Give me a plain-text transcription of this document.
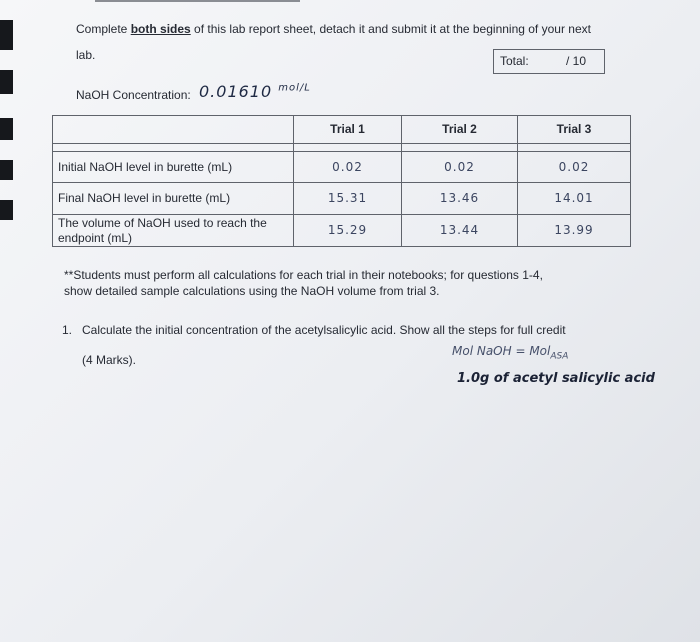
Complete both sides of this lab report sheet, detach it and submit it at the beginning of your next
lab.	Total:	/ 10
NaOH Concentration: 0.01610 $^{mol/L}$
	Trial 1	Trial 2	Trial 3

Initial NaOH level in burette (mL)	0.02	0.02	0.02
Final NaOH level in burette (mL)	15.31	13.46	14.01
The volume of NaOH used to reach the
endpoint (mL)	15.29	13.44	13.99
**Students must perform all calculations for each trial in their notebooks; for questions 1-4,
show detailed sample calculations using the NaOH volume from trial 3.
1. Calculate the initial concentration of the acetylsalicylic acid. Show all the steps for full credit
(4 Marks).
Mol NaOH = Mol$_{ASA}$
1.0g of acetyl salicylic acid
